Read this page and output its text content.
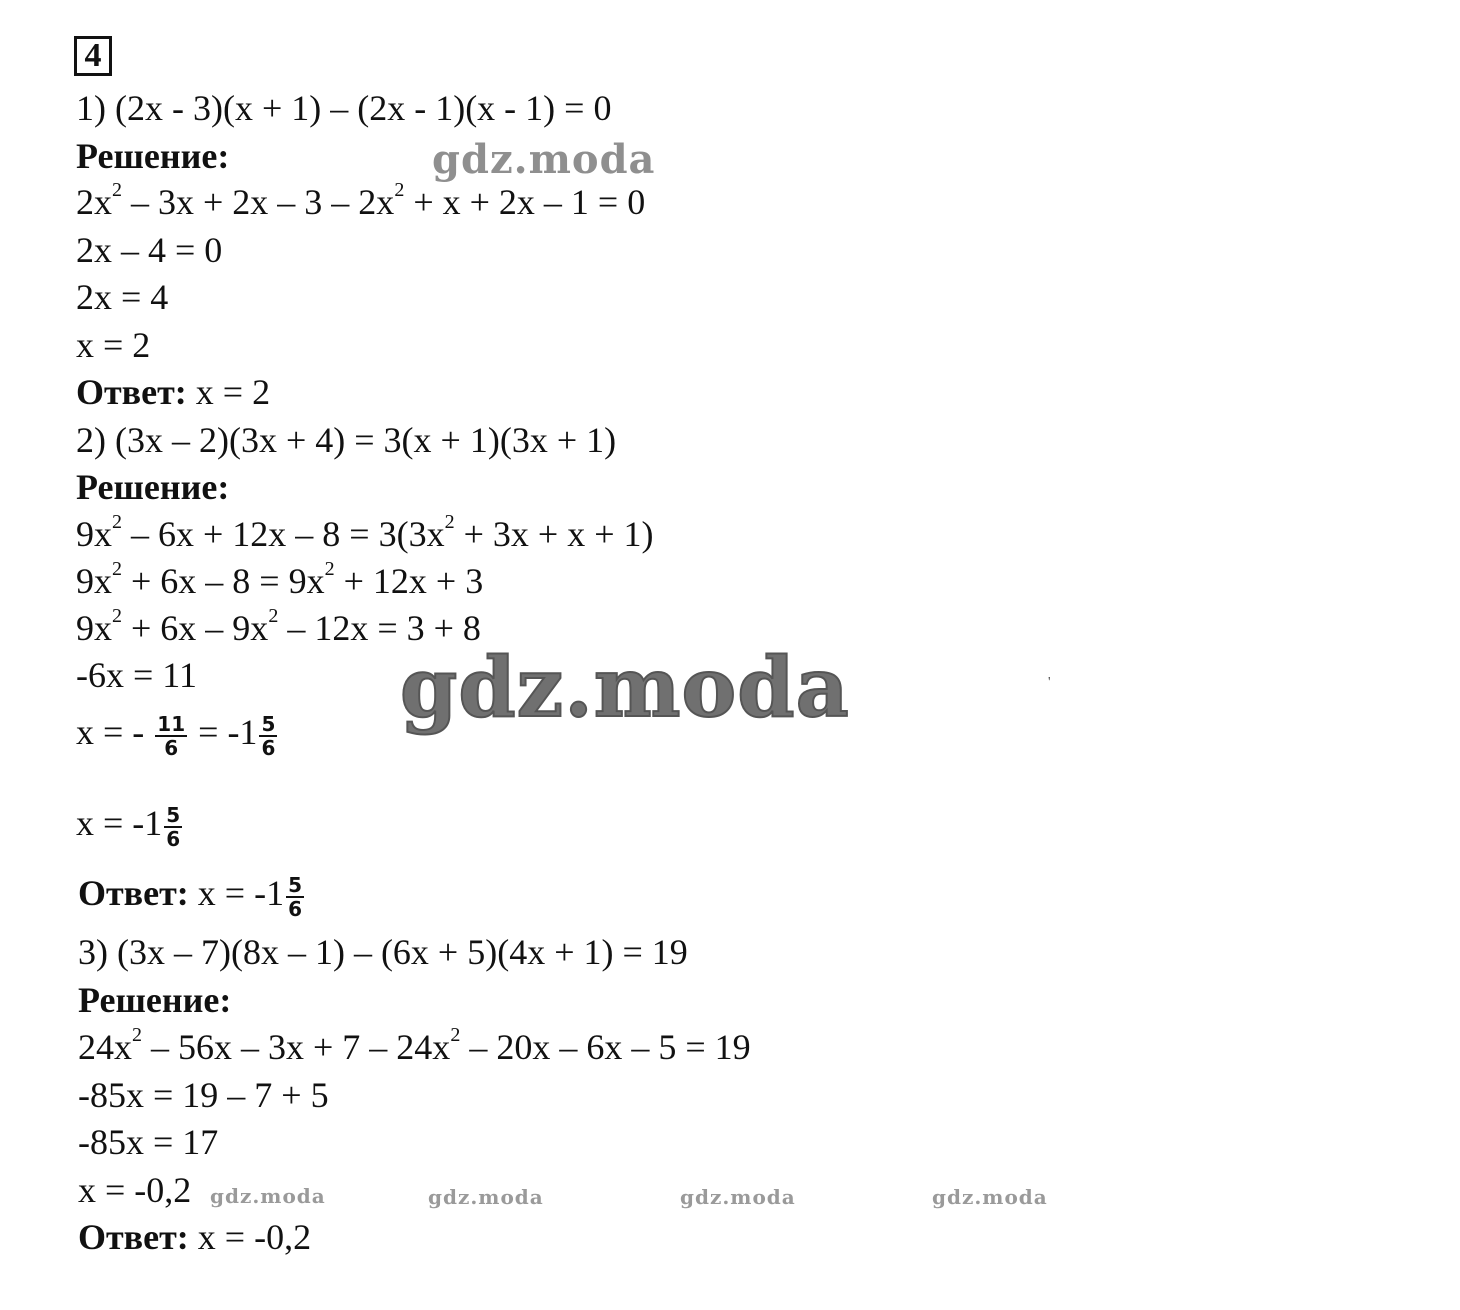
4
1) (2x - 3)(x + 1) – (2x - 1)(x - 1) = 0
Решение:
$2x^2 - 3x + 2x - 3 - 2x^2 + x + 2x - 1 = 0$
2x – 4 = 0
2x = 4
x = 2
Ответ: x = 2
2) (3x – 2)(3x + 4) = 3(x + 1)(3x + 1)
Решение:
$9x^2 - 6x + 12x - 8 = 3(3x^2 + 3x + x + 1)$
$9x^2 + 6x - 8 = 9x^2 + 12x + 3$
$9x^2 + 6x - 9x^2 - 12x = 3 + 8$
-6x = 11
x = - $\frac{11}{6} = -1 \frac{5}{6}$
$x = -1 \frac{5}{6}$
Ответ: $x = -1 \frac{5}{6}$
3) (3x – 7)(8x – 1) – (6x + 5)(4x + 1) = 19
Решение:
$24x^2 - 56x - 3x + 7 - 24x^2 - 20x - 6x - 5 = 19$
-85x = 19 – 7 + 5
-85x = 17
x = -0,2
Ответ: x = -0,2
gdz.moda
gdz.moda
gdz.moda	gdz.moda	gdz.moda	gdz.moda
'
